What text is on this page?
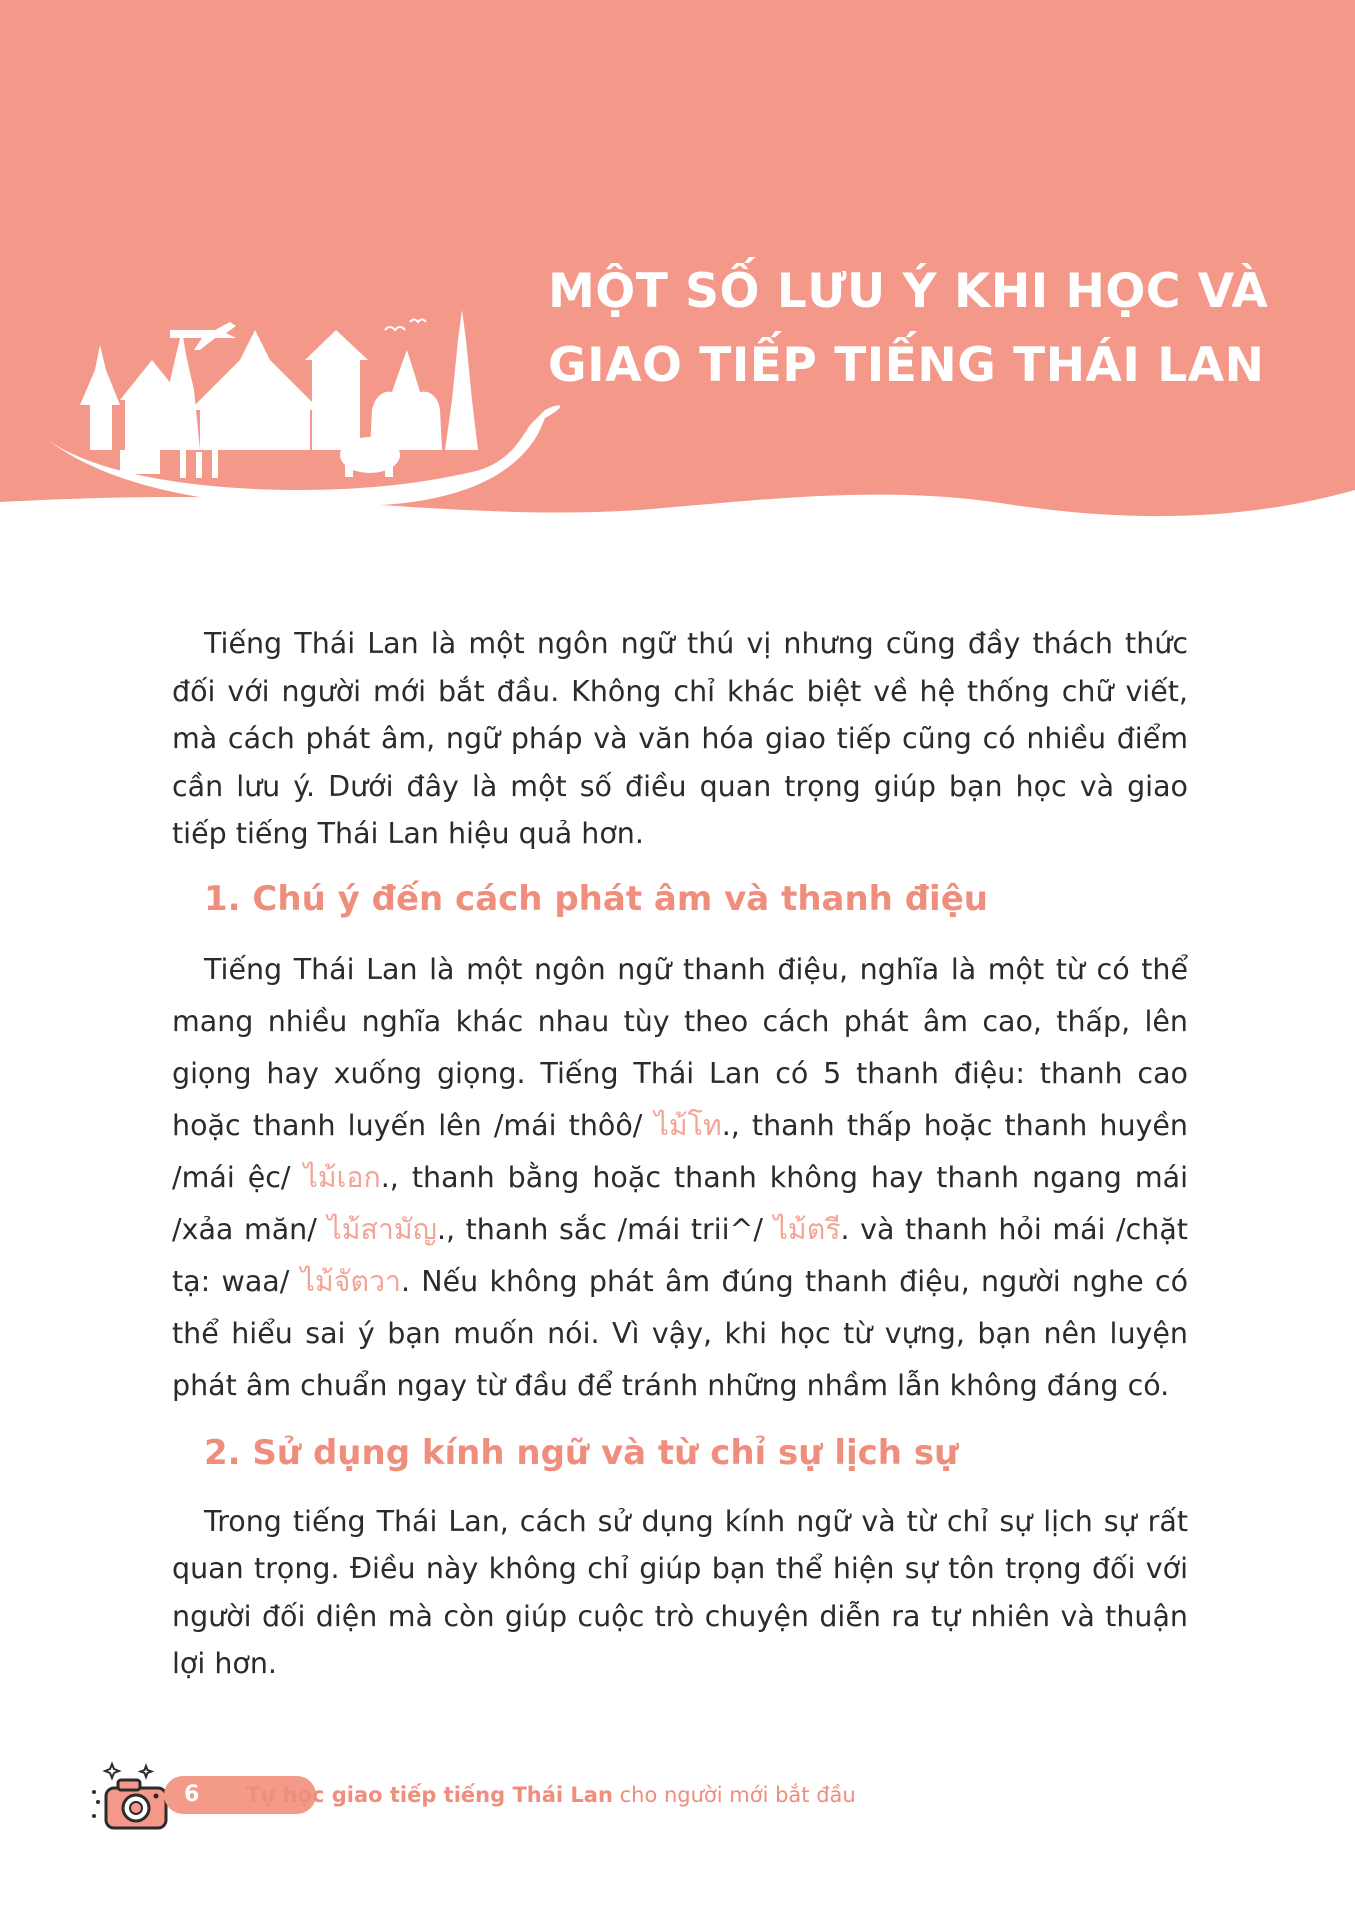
MỘT SỐ LƯU Ý KHI HỌC VÀ
GIAO TIẾP TIẾNG THÁI LAN

Tiếng Thái Lan là một ngôn ngữ thú vị nhưng cũng đầy thách thức đối với người mới bắt đầu. Không chỉ khác biệt về hệ thống chữ viết, mà cách phát âm, ngữ pháp và văn hóa giao tiếp cũng có nhiều điểm cần lưu ý. Dưới đây là một số điều quan trọng giúp bạn học và giao tiếp tiếng Thái Lan hiệu quả hơn.

1. Chú ý đến cách phát âm và thanh điệu

Tiếng Thái Lan là một ngôn ngữ thanh điệu, nghĩa là một từ có thể mang nhiều nghĩa khác nhau tùy theo cách phát âm cao, thấp, lên giọng hay xuống giọng. Tiếng Thái Lan có 5 thanh điệu: thanh cao hoặc thanh luyến lên /mái thôô/ ไม้โท., thanh thấp hoặc thanh huyền /mái ệc/ ไม้เอก., thanh bằng hoặc thanh không hay thanh ngang mái /xảa măn/ ไม้สามัญ., thanh sắc /mái trii^/ ไม้ตรี. và thanh hỏi mái /chặt tạ: waa/ ไม้จัตวา. Nếu không phát âm đúng thanh điệu, người nghe có thể hiểu sai ý bạn muốn nói. Vì vậy, khi học từ vựng, bạn nên luyện phát âm chuẩn ngay từ đầu để tránh những nhầm lẫn không đáng có.

2. Sử dụng kính ngữ và từ chỉ sự lịch sự

Trong tiếng Thái Lan, cách sử dụng kính ngữ và từ chỉ sự lịch sự rất quan trọng. Điều này không chỉ giúp bạn thể hiện sự tôn trọng đối với người đối diện mà còn giúp cuộc trò chuyện diễn ra tự nhiên và thuận lợi hơn.

6 Tự học giao tiếp tiếng Thái Lan cho người mới bắt đầu
